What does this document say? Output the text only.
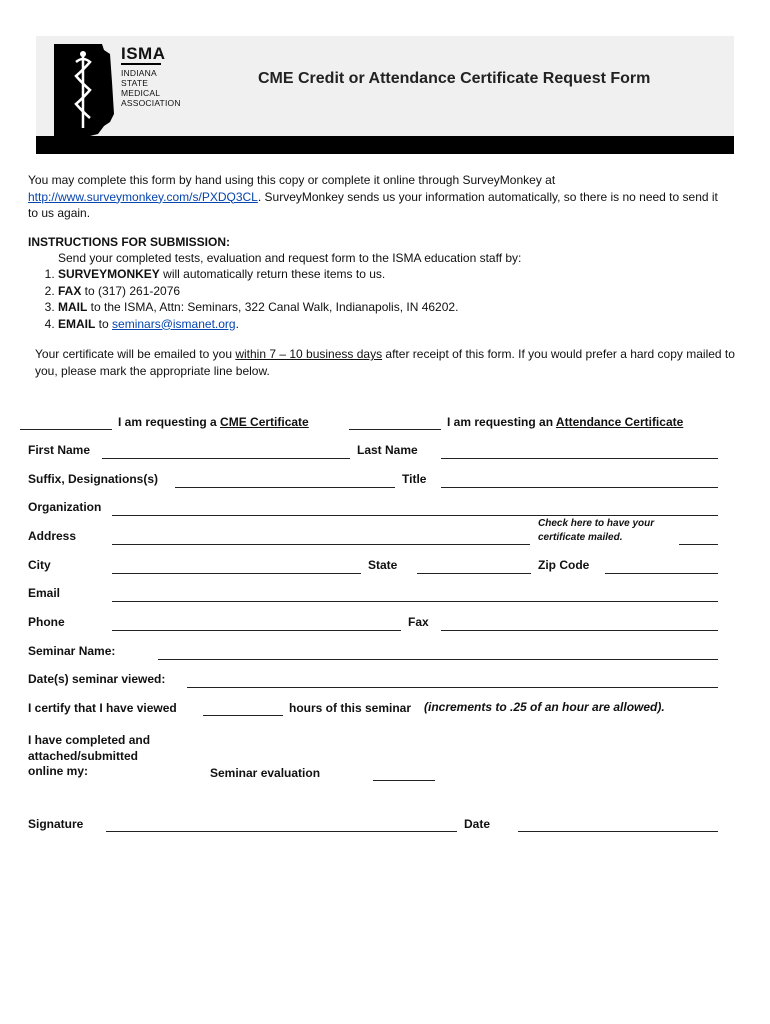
ISMA
INDIANA
STATE
MEDICAL
ASSOCIATION
CME Credit or Attendance Certificate Request Form
You may complete this form by hand using this copy or complete it online through SurveyMonkey at http://www.surveymonkey.com/s/PXDQ3CL. SurveyMonkey sends us your information automatically, so there is no need to send it to us again.
INSTRUCTIONS FOR SUBMISSION:
Send your completed tests, evaluation and request form to the ISMA education staff by:
1. SURVEYMONKEY will automatically return these items to us.
2. FAX to (317) 261-2076
3. MAIL to the ISMA, Attn: Seminars, 322 Canal Walk, Indianapolis, IN 46202.
4. EMAIL to seminars@ismanet.org.
Your certificate will be emailed to you within 7 – 10 business days after receipt of this form. If you would prefer a hard copy mailed to you, please mark the appropriate line below.
I am requesting a CME Certificate	I am requesting an Attendance Certificate
First Name	Last Name
Suffix, Designations(s)	Title
Organization
Address
Check here to have your certificate mailed.
City	State	Zip Code
Email
Phone	Fax
Seminar Name:
Date(s) seminar viewed:
I certify that I have viewed	hours of this seminar (increments to .25 of an hour are allowed).
I have completed and
attached/submitted
online my:	Seminar evaluation
Signature	Date
